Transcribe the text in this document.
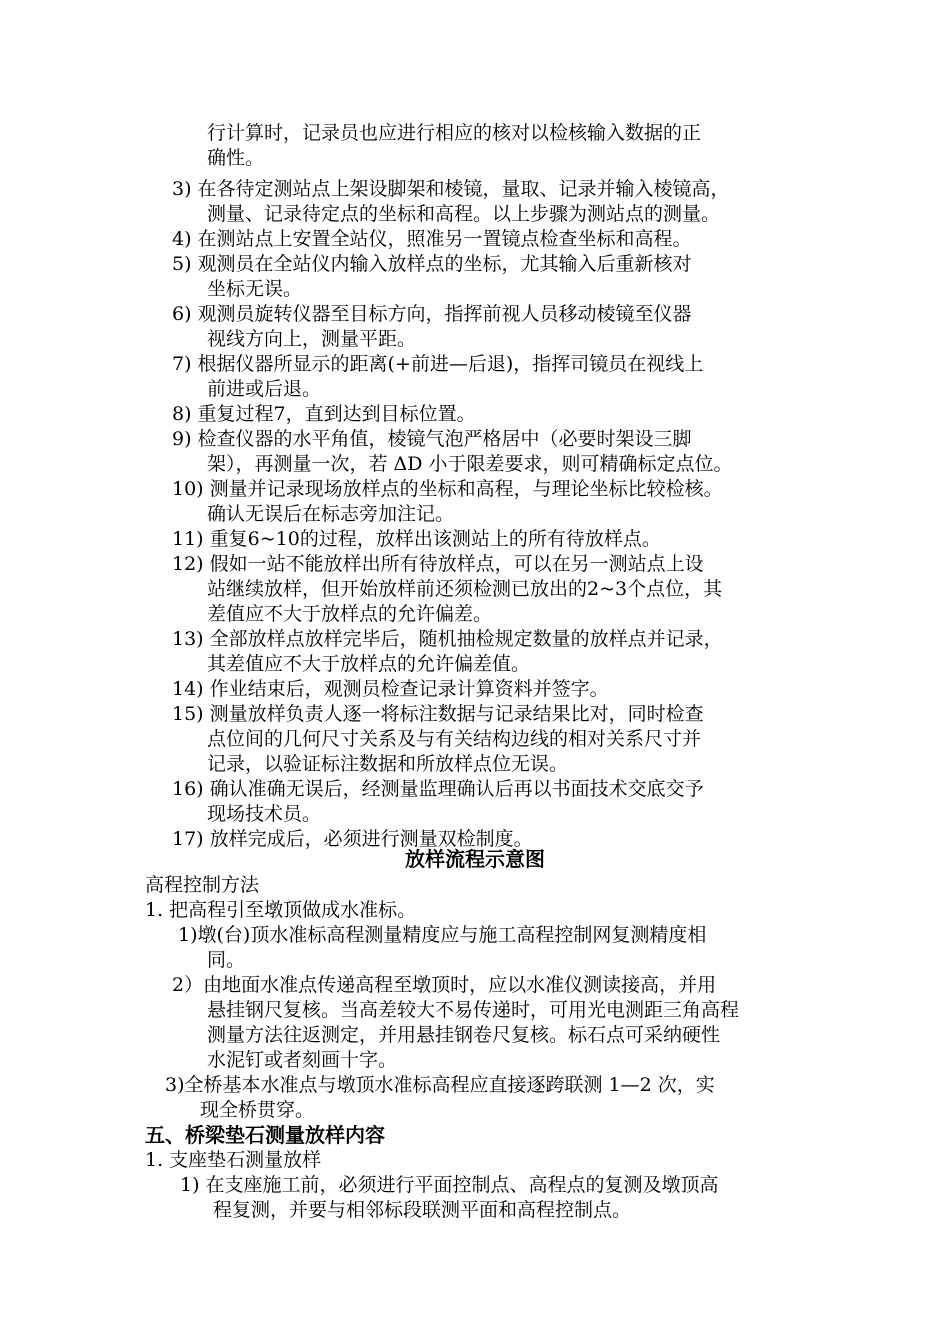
行计算时，记录员也应进行相应的核对以检核输入数据的正
确性。
3) 在各待定测站点上架设脚架和棱镜，量取、记录并输入棱镜高，
测量、记录待定点的坐标和高程。以上步骤为测站点的测量。
4) 在测站点上安置全站仪，照准另一置镜点检查坐标和高程。
5) 观测员在全站仪内输入放样点的坐标，尤其输入后重新核对
坐标无误。
6) 观测员旋转仪器至目标方向，指挥前视人员移动棱镜至仪器
视线方向上，测量平距。
7) 根据仪器所显示的距离(+前进—后退)，指挥司镜员在视线上
前进或后退。
8) 重复过程7，直到达到目标位置。
9) 检查仪器的水平角值，棱镜气泡严格居中（必要时架设三脚
架），再测量一次，若 ΔD 小于限差要求，则可精确标定点位。
10) 测量并记录现场放样点的坐标和高程，与理论坐标比较检核。
确认无误后在标志旁加注记。
11) 重复6~10的过程，放样出该测站上的所有待放样点。
12) 假如一站不能放样出所有待放样点，可以在另一测站点上设
站继续放样，但开始放样前还须检测已放出的2~3个点位，其
差值应不大于放样点的允许偏差。
13) 全部放样点放样完毕后，随机抽检规定数量的放样点并记录，
其差值应不大于放样点的允许偏差值。
14) 作业结束后，观测员检查记录计算资料并签字。
15) 测量放样负责人逐一将标注数据与记录结果比对，同时检查
点位间的几何尺寸关系及与有关结构边线的相对关系尺寸并
记录，以验证标注数据和所放样点位无误。
16) 确认准确无误后，经测量监理确认后再以书面技术交底交予
现场技术员。
17) 放样完成后，必须进行测量双检制度。
放样流程示意图
高程控制方法
1. 把高程引至墩顶做成水准标。
1)墩(台)顶水准标高程测量精度应与施工高程控制网复测精度相
同。
2）由地面水准点传递高程至墩顶时，应以水准仪测读接高，并用
悬挂钢尺复核。当高差较大不易传递时，可用光电测距三角高程
测量方法往返测定，并用悬挂钢卷尺复核。标石点可采纳硬性
水泥钉或者刻画十字。
3)全桥基本水准点与墩顶水准标高程应直接逐跨联测 1—2 次，实
现全桥贯穿。
五、桥梁垫石测量放样内容
1. 支座垫石测量放样
1) 在支座施工前，必须进行平面控制点、高程点的复测及墩顶高
程复测，并要与相邻标段联测平面和高程控制点。
